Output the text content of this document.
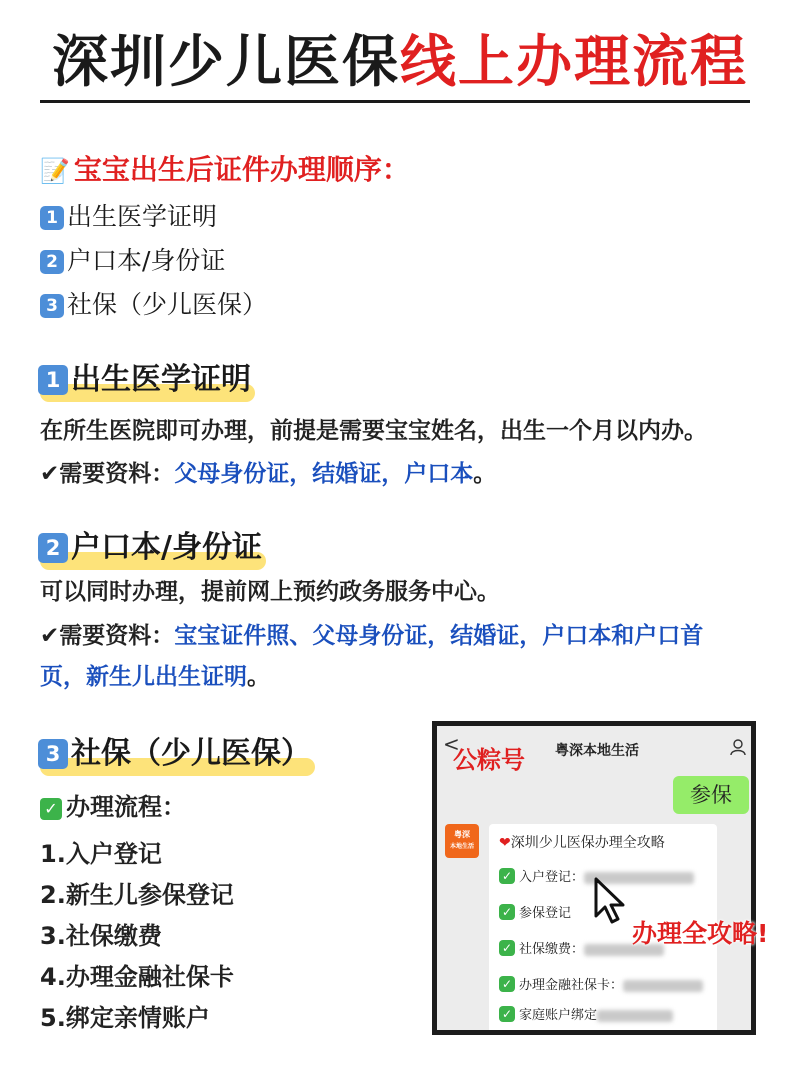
深圳少儿医保线上办理流程
📝 宝宝出生后证件办理顺序：
1 出生医学证明
2 户口本/身份证
3 社保（少儿医保）
1 出生医学证明
在所生医院即可办理，前提是需要宝宝姓名，出生一个月以内办。
✔需要资料：父母身份证，结婚证，户口本。
2 户口本/身份证
可以同时办理，提前网上预约政务服务中心。
✔需要资料：宝宝证件照、父母身份证，结婚证，户口本和户口首
页，新生儿出生证明。
3 社保（少儿医保）
✓ 办理流程：
1.入户登记
2.新生儿参保登记
3.社保缴费
4.办理金融社保卡
5.绑定亲情账户
<
公粽号 粤深本地生活
参保
粤深
本地生活	❤深圳少儿医保办理全攻略
✓ 入户登记：
✓ 参保登记
✓ 社保缴费：
✓ 办理金融社保卡：
✓ 家庭账户绑定
办理全攻略!
